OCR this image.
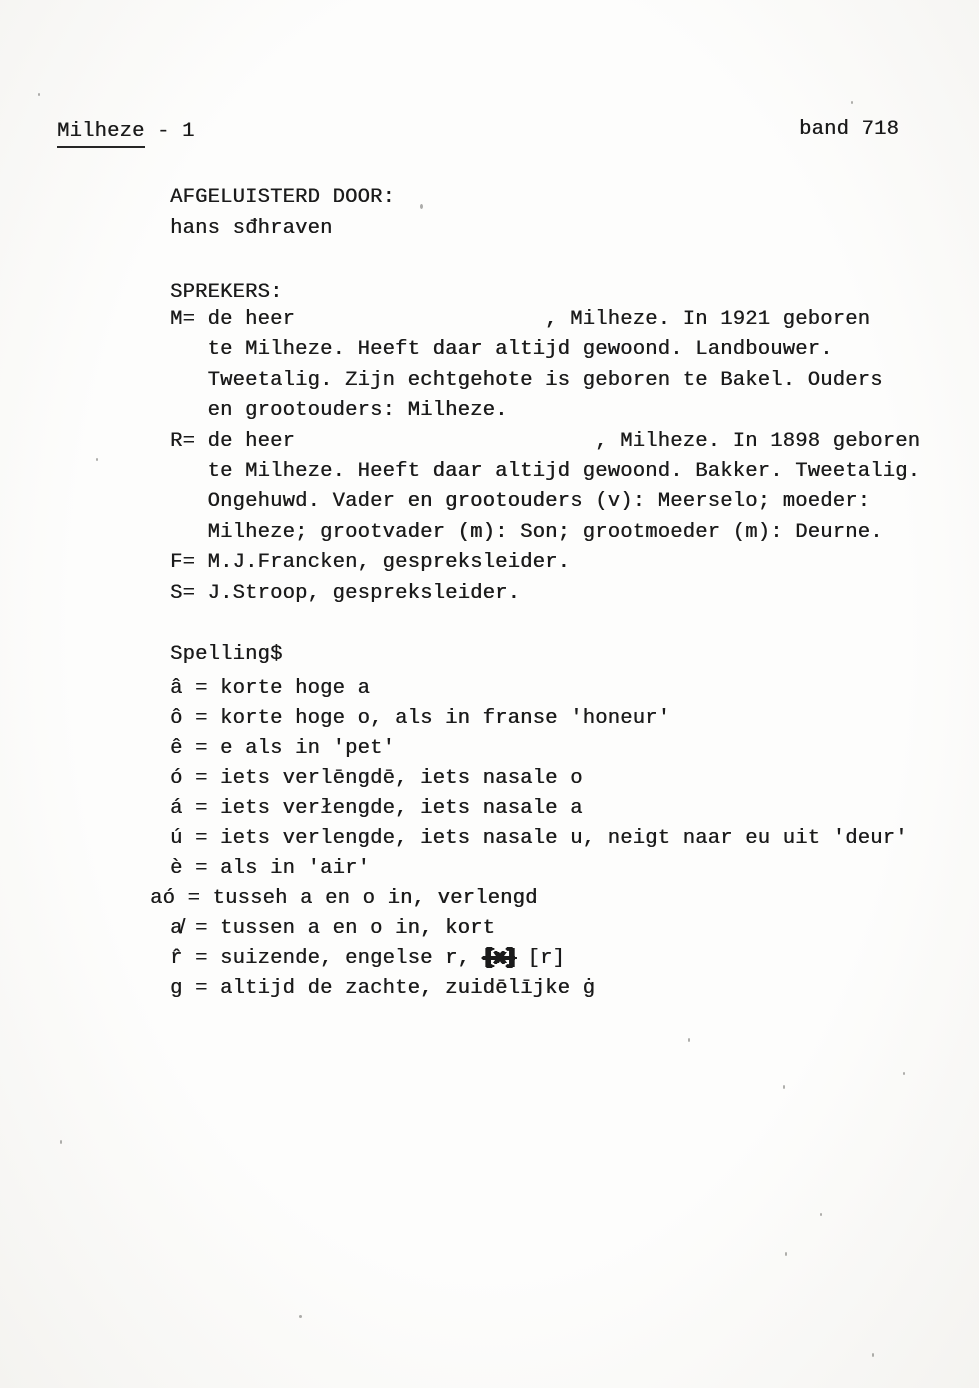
Milheze - 1	band 718
AFGELUISTERD DOOR:
hans sđhraven
SPREKERS:
M= de heer                    , Milheze. In 1921 geboren
te Milheze. Heeft daar altijd gewoond. Landbouwer.
Tweetalig. Zijn echtgehote is geboren te Bakel. Ouders
en grootouders: Milheze.
R= de heer                        , Milheze. In 1898 geboren
te Milheze. Heeft daar altijd gewoond. Bakker. Tweetalig.
Ongehuwd. Vader en grootouders (v): Meerselo; moeder:
Milheze; grootvader (m): Son; grootmoeder (m): Deurne.
F= M.J.Francken, gespreksleider.
S= J.Stroop, gespreksleider.
Spelling$
â = korte hoge a
ô = korte hoge o, als in franse 'honeur'
ê = e als in 'pet'
ó = iets verlēngdē, iets nasale o
á = iets verłengde, iets nasale a
ú = iets verlengde, iets nasale u, neigt naar eu uit 'deur'
è = als in 'air'
aó = tusseh a en o in, verlengd
a̸ = tussen a en o in, kort
r̂ = suizende, engelse r, [x] [r]
g = altijd de zachte, zuidēlījke ġ
